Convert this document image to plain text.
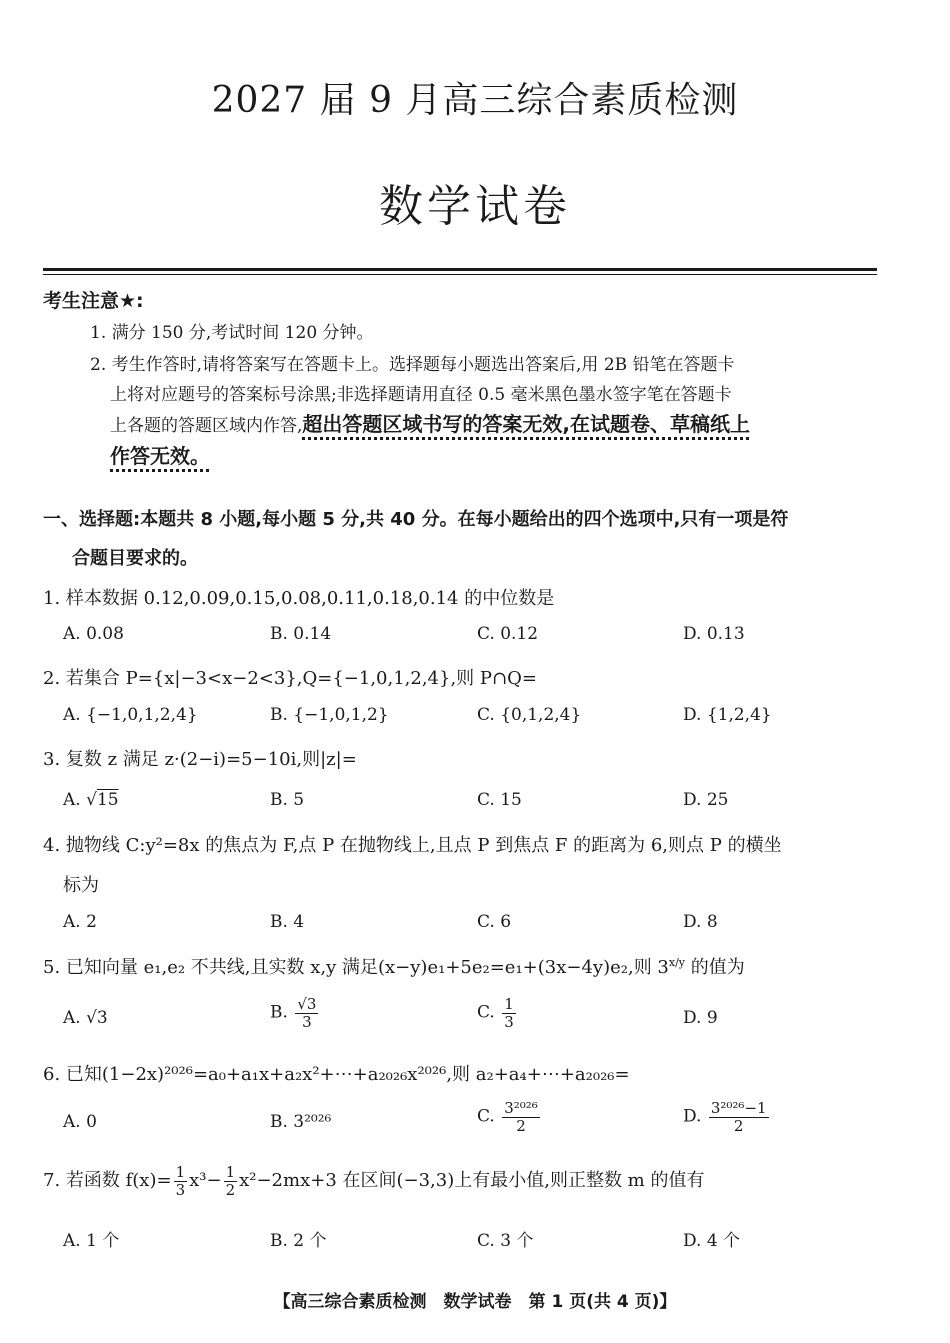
2027 届 9 月高三综合素质检测
数学试卷
考生注意★:
1. 满分 150 分,考试时间 120 分钟。
2. 考生作答时,请将答案写在答题卡上。选择题每小题选出答案后,用 2B 铅笔在答题卡
上将对应题号的答案标号涂黑;非选择题请用直径 0.5 毫米黑色墨水签字笔在答题卡
上各题的答题区域内作答,超出答题区域书写的答案无效,在试题卷、草稿纸上
作答无效。
一、选择题:本题共 8 小题,每小题 5 分,共 40 分。在每小题给出的四个选项中,只有一项是符
合题目要求的。
1. 样本数据 0.12,0.09,0.15,0.08,0.11,0.18,0.14 的中位数是
A. 0.08	B. 0.14	C. 0.12	D. 0.13
2. 若集合 P={x|−3<x−2<3},Q={−1,0,1,2,4},则 P∩Q=
A. {−1,0,1,2,4}	B. {−1,0,1,2}	C. {0,1,2,4}	D. {1,2,4}
3. 复数 z 满足 z·(2−i)=5−10i,则|z|=
A. √15	B. 5	C. 15	D. 25
4. 抛物线 C:y²=8x 的焦点为 F,点 P 在抛物线上,且点 P 到焦点 F 的距离为 6,则点 P 的横坐
标为
A. 2	B. 4	C. 6	D. 8
5. 已知向量 e₁,e₂ 不共线,且实数 x,y 满足(x−y)e₁+5e₂=e₁+(3x−4y)e₂,则 $3^{x/y}$ 的值为
A. √3	B. $\frac{√3}{3}$	C. $\frac{1}{3}$	D. 9
6. 已知(1−2x)²⁰²⁶=a₀+a₁x+a₂x²+⋯+a₂₀₂₆x²⁰²⁶,则 a₂+a₄+⋯+a₂₀₂₆=
A. 0	B. 3²⁰²⁶	C. $\frac{\text{3²⁰²⁶}}{2}$	D. $\frac{\text{3²⁰²⁶−1}}{2}$
7. 若函数 $f(x)= \frac{1}{3} x^3- \frac{1}{2} x^2-2mx+3$ 在区间(−3,3)上有最小值,则正整数 m 的值有
A. 1 个	B. 2 个	C. 3 个	D. 4 个
【高三综合素质检测　数学试卷　第 1 页(共 4 页)】
